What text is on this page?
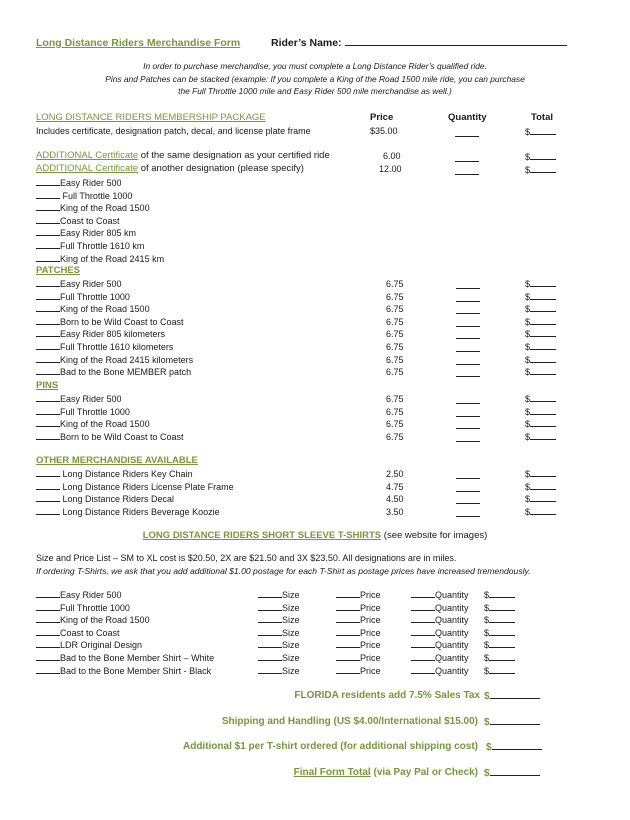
Long Distance Riders Merchandise Form	Rider’s Name:
In order to purchase merchandise, you must complete a Long Distance Rider’s qualified ride.
Pins and Patches can be stacked (example: If you complete a King of the Road 1500 mile ride, you can purchase
the Full Throttle 1000 mile and Easy Rider 500 mile merchandise as well.)
LONG DISTANCE RIDERS MEMBERSHIP PACKAGE	Price	Quantity	Total
Includes certificate, designation patch, decal, and license plate frame	$35.00	$
ADDITIONAL Certificate of the same designation as your certified ride	6.00	$
ADDITIONAL Certificate of another designation (please specify)	12.00	$
Easy Rider 500
Full Throttle 1000
King of the Road 1500
Coast to Coast
Easy Rider 805 km
Full Throttle 1610 km
King of the Road 2415 km
PATCHES
Easy Rider 500	6.75	$
Full Throttle 1000	6.75	$
King of the Road 1500	6.75	$
Born to be Wild Coast to Coast	6.75	$
Easy Rider 805 kilometers	6.75	$
Full Throttle 1610 kilometers	6.75	$
King of the Road 2415 kilometers	6.75	$
Bad to the Bone MEMBER patch	6.75	$
PINS
Easy Rider 500	6.75	$
Full Throttle 1000	6.75	$
King of the Road 1500	6.75	$
Born to be Wild Coast to Coast	6.75	$
OTHER MERCHANDISE AVAILABLE
Long Distance Riders Key Chain	2.50	$
Long Distance Riders License Plate Frame	4.75	$
Long Distance Riders Decal	4.50	$
Long Distance Riders Beverage Koozie	3.50	$
LONG DISTANCE RIDERS SHORT SLEEVE T-SHIRTS (see website for images)
Size and Price List – SM to XL cost is $20.50, 2X are $21.50 and 3X $23.50. All designations are in miles.
If ordering T-Shirts, we ask that you add additional $1.00 postage for each T-Shirt as postage prices have increased tremendously.
Easy Rider 500	Size	Price	Quantity $
Full Throttle 1000	Size	Price	Quantity $
King of the Road 1500	Size	Price	Quantity $
Coast to Coast	Size	Price	Quantity $
LDR Original Design	Size	Price	Quantity $
Bad to the Bone Member Shirt – White	Size	Price	Quantity $
Bad to the Bone Member Shirt - Black	Size	Price	Quantity $
FLORIDA residents add 7.5% Sales Tax $
Shipping and Handling (US $4.00/International $15.00) $
Additional $1 per T-shirt ordered (for additional shipping cost) $
Final Form Total (via Pay Pal or Check) $
